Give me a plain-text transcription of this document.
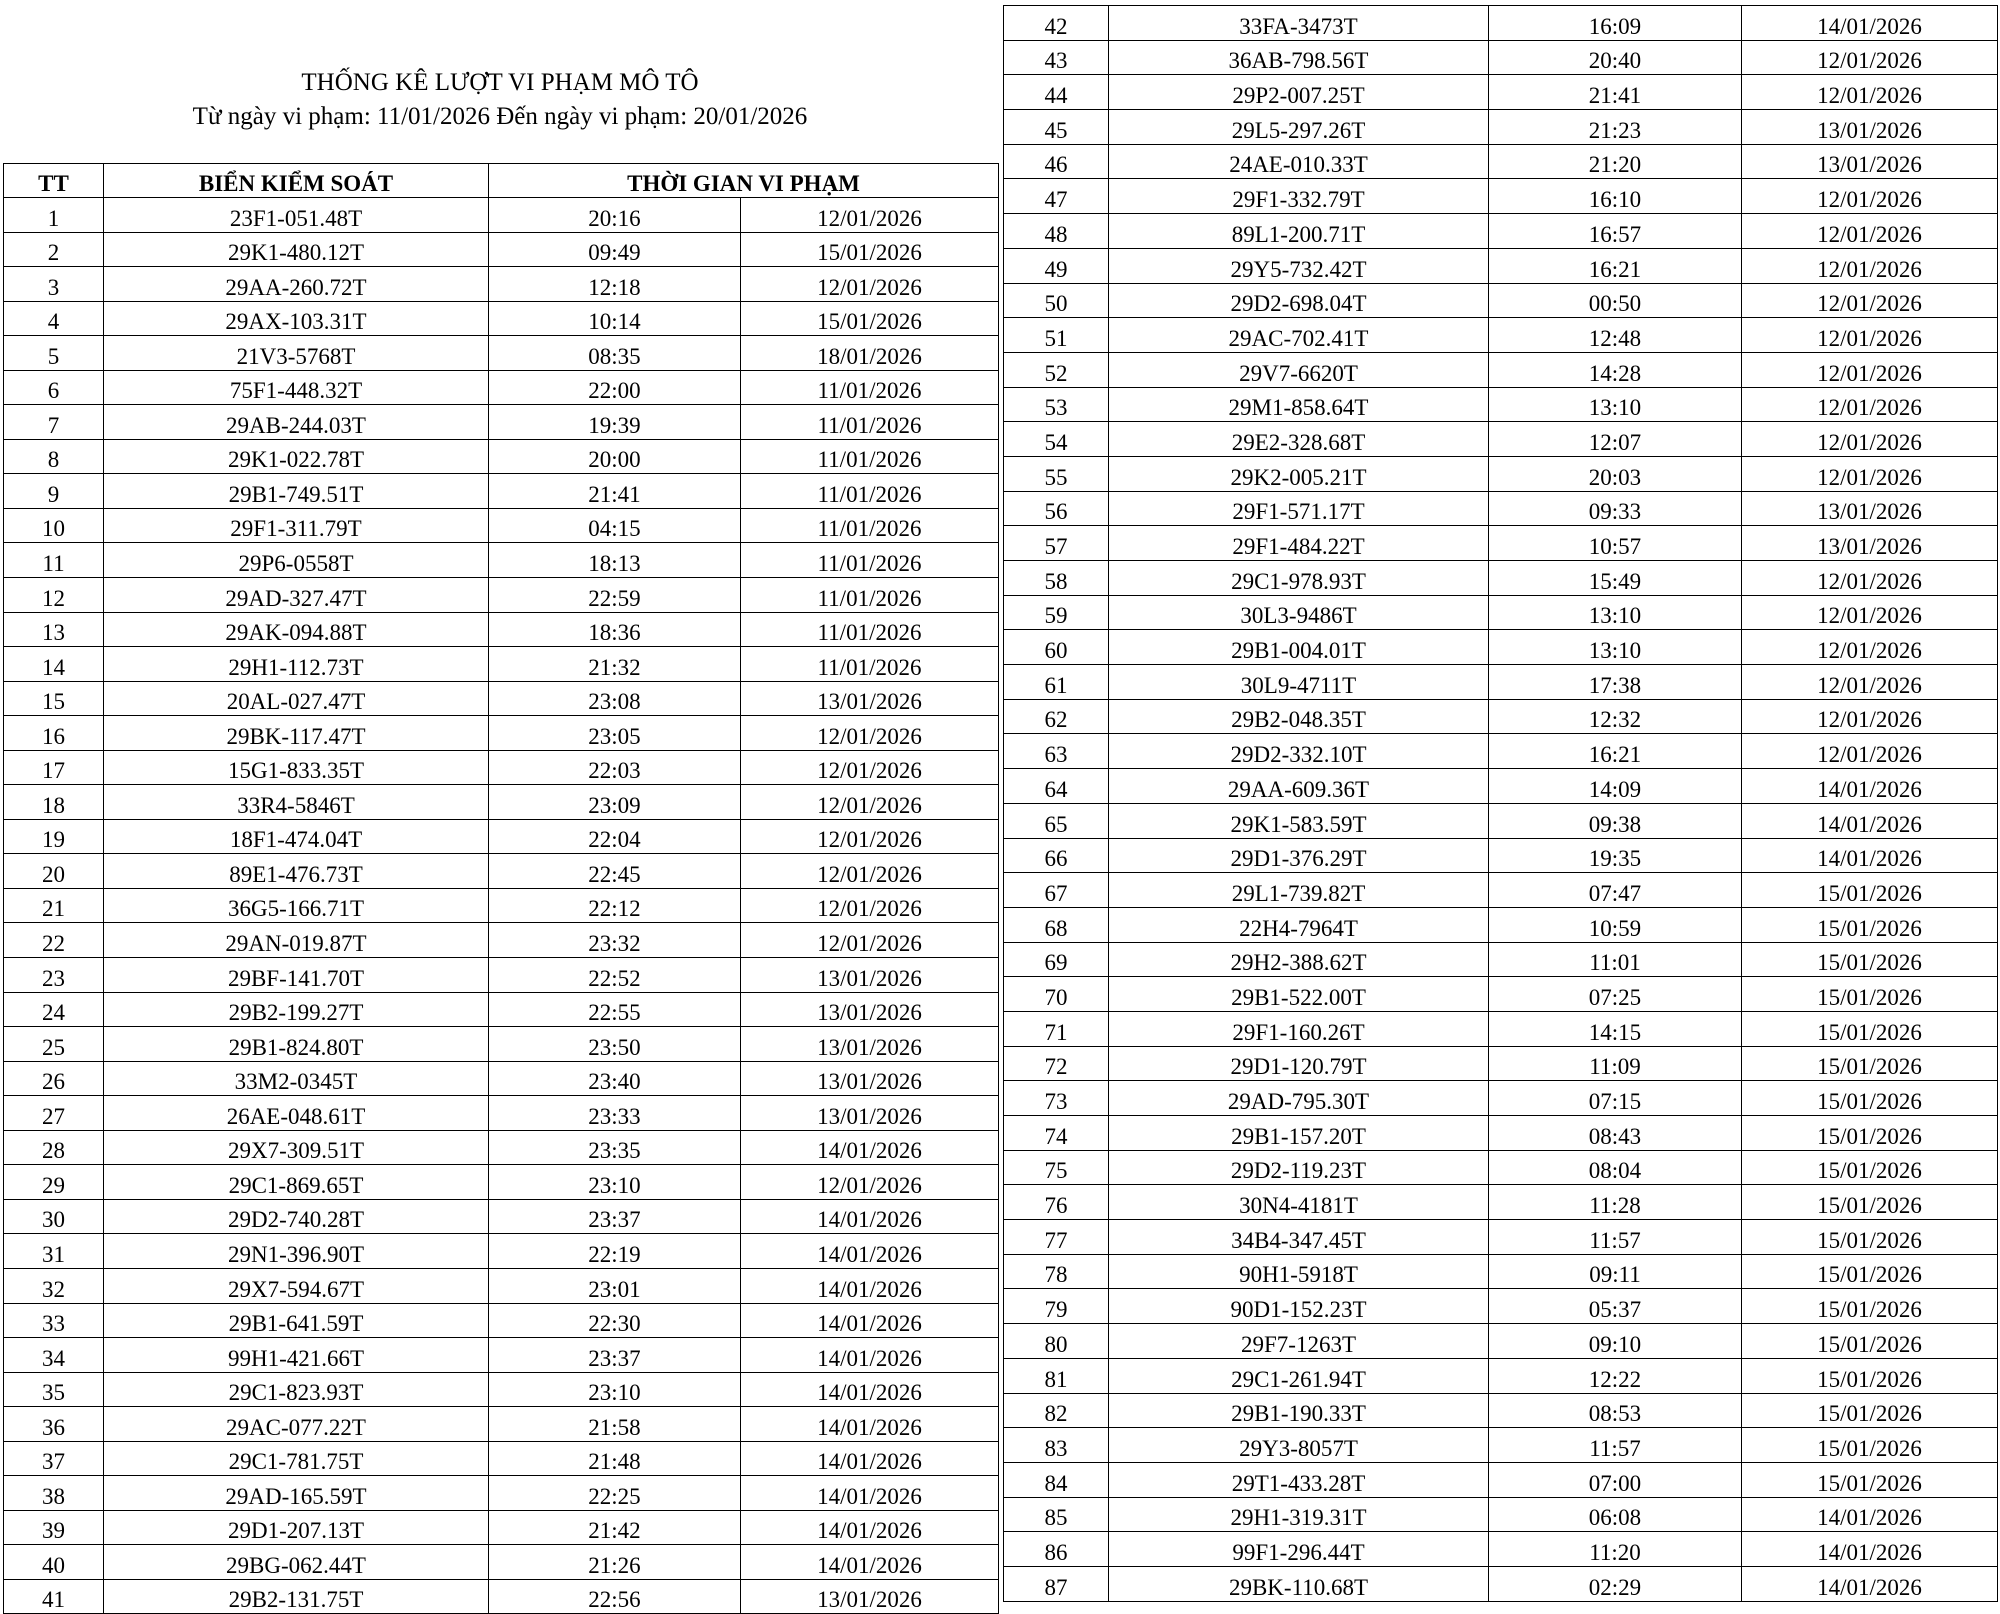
THỐNG KÊ LƯỢT VI PHẠM MÔ TÔ
Từ ngày vi phạm: 11/01/2026 Đến ngày vi phạm: 20/01/2026
TT	BIỂN KIỂM SOÁT	THỜI GIAN VI PHẠM	
1	23F1-051.48T	20:16	12/01/2026
2	29K1-480.12T	09:49	15/01/2026
3	29AA-260.72T	12:18	12/01/2026
4	29AX-103.31T	10:14	15/01/2026
5	21V3-5768T	08:35	18/01/2026
6	75F1-448.32T	22:00	11/01/2026
7	29AB-244.03T	19:39	11/01/2026
8	29K1-022.78T	20:00	11/01/2026
9	29B1-749.51T	21:41	11/01/2026
10	29F1-311.79T	04:15	11/01/2026
11	29P6-0558T	18:13	11/01/2026
12	29AD-327.47T	22:59	11/01/2026
13	29AK-094.88T	18:36	11/01/2026
14	29H1-112.73T	21:32	11/01/2026
15	20AL-027.47T	23:08	13/01/2026
16	29BK-117.47T	23:05	12/01/2026
17	15G1-833.35T	22:03	12/01/2026
18	33R4-5846T	23:09	12/01/2026
19	18F1-474.04T	22:04	12/01/2026
20	89E1-476.73T	22:45	12/01/2026
21	36G5-166.71T	22:12	12/01/2026
22	29AN-019.87T	23:32	12/01/2026
23	29BF-141.70T	22:52	13/01/2026
24	29B2-199.27T	22:55	13/01/2026
25	29B1-824.80T	23:50	13/01/2026
26	33M2-0345T	23:40	13/01/2026
27	26AE-048.61T	23:33	13/01/2026
28	29X7-309.51T	23:35	14/01/2026
29	29C1-869.65T	23:10	12/01/2026
30	29D2-740.28T	23:37	14/01/2026
31	29N1-396.90T	22:19	14/01/2026
32	29X7-594.67T	23:01	14/01/2026
33	29B1-641.59T	22:30	14/01/2026
34	99H1-421.66T	23:37	14/01/2026
35	29C1-823.93T	23:10	14/01/2026
36	29AC-077.22T	21:58	14/01/2026
37	29C1-781.75T	21:48	14/01/2026
38	29AD-165.59T	22:25	14/01/2026
39	29D1-207.13T	21:42	14/01/2026
40	29BG-062.44T	21:26	14/01/2026
41	29B2-131.75T	22:56	13/01/2026
42	33FA-3473T	16:09	14/01/2026
43	36AB-798.56T	20:40	12/01/2026
44	29P2-007.25T	21:41	12/01/2026
45	29L5-297.26T	21:23	13/01/2026
46	24AE-010.33T	21:20	13/01/2026
47	29F1-332.79T	16:10	12/01/2026
48	89L1-200.71T	16:57	12/01/2026
49	29Y5-732.42T	16:21	12/01/2026
50	29D2-698.04T	00:50	12/01/2026
51	29AC-702.41T	12:48	12/01/2026
52	29V7-6620T	14:28	12/01/2026
53	29M1-858.64T	13:10	12/01/2026
54	29E2-328.68T	12:07	12/01/2026
55	29K2-005.21T	20:03	12/01/2026
56	29F1-571.17T	09:33	13/01/2026
57	29F1-484.22T	10:57	13/01/2026
58	29C1-978.93T	15:49	12/01/2026
59	30L3-9486T	13:10	12/01/2026
60	29B1-004.01T	13:10	12/01/2026
61	30L9-4711T	17:38	12/01/2026
62	29B2-048.35T	12:32	12/01/2026
63	29D2-332.10T	16:21	12/01/2026
64	29AA-609.36T	14:09	14/01/2026
65	29K1-583.59T	09:38	14/01/2026
66	29D1-376.29T	19:35	14/01/2026
67	29L1-739.82T	07:47	15/01/2026
68	22H4-7964T	10:59	15/01/2026
69	29H2-388.62T	11:01	15/01/2026
70	29B1-522.00T	07:25	15/01/2026
71	29F1-160.26T	14:15	15/01/2026
72	29D1-120.79T	11:09	15/01/2026
73	29AD-795.30T	07:15	15/01/2026
74	29B1-157.20T	08:43	15/01/2026
75	29D2-119.23T	08:04	15/01/2026
76	30N4-4181T	11:28	15/01/2026
77	34B4-347.45T	11:57	15/01/2026
78	90H1-5918T	09:11	15/01/2026
79	90D1-152.23T	05:37	15/01/2026
80	29F7-1263T	09:10	15/01/2026
81	29C1-261.94T	12:22	15/01/2026
82	29B1-190.33T	08:53	15/01/2026
83	29Y3-8057T	11:57	15/01/2026
84	29T1-433.28T	07:00	15/01/2026
85	29H1-319.31T	06:08	14/01/2026
86	99F1-296.44T	11:20	14/01/2026
87	29BK-110.68T	02:29	14/01/2026
